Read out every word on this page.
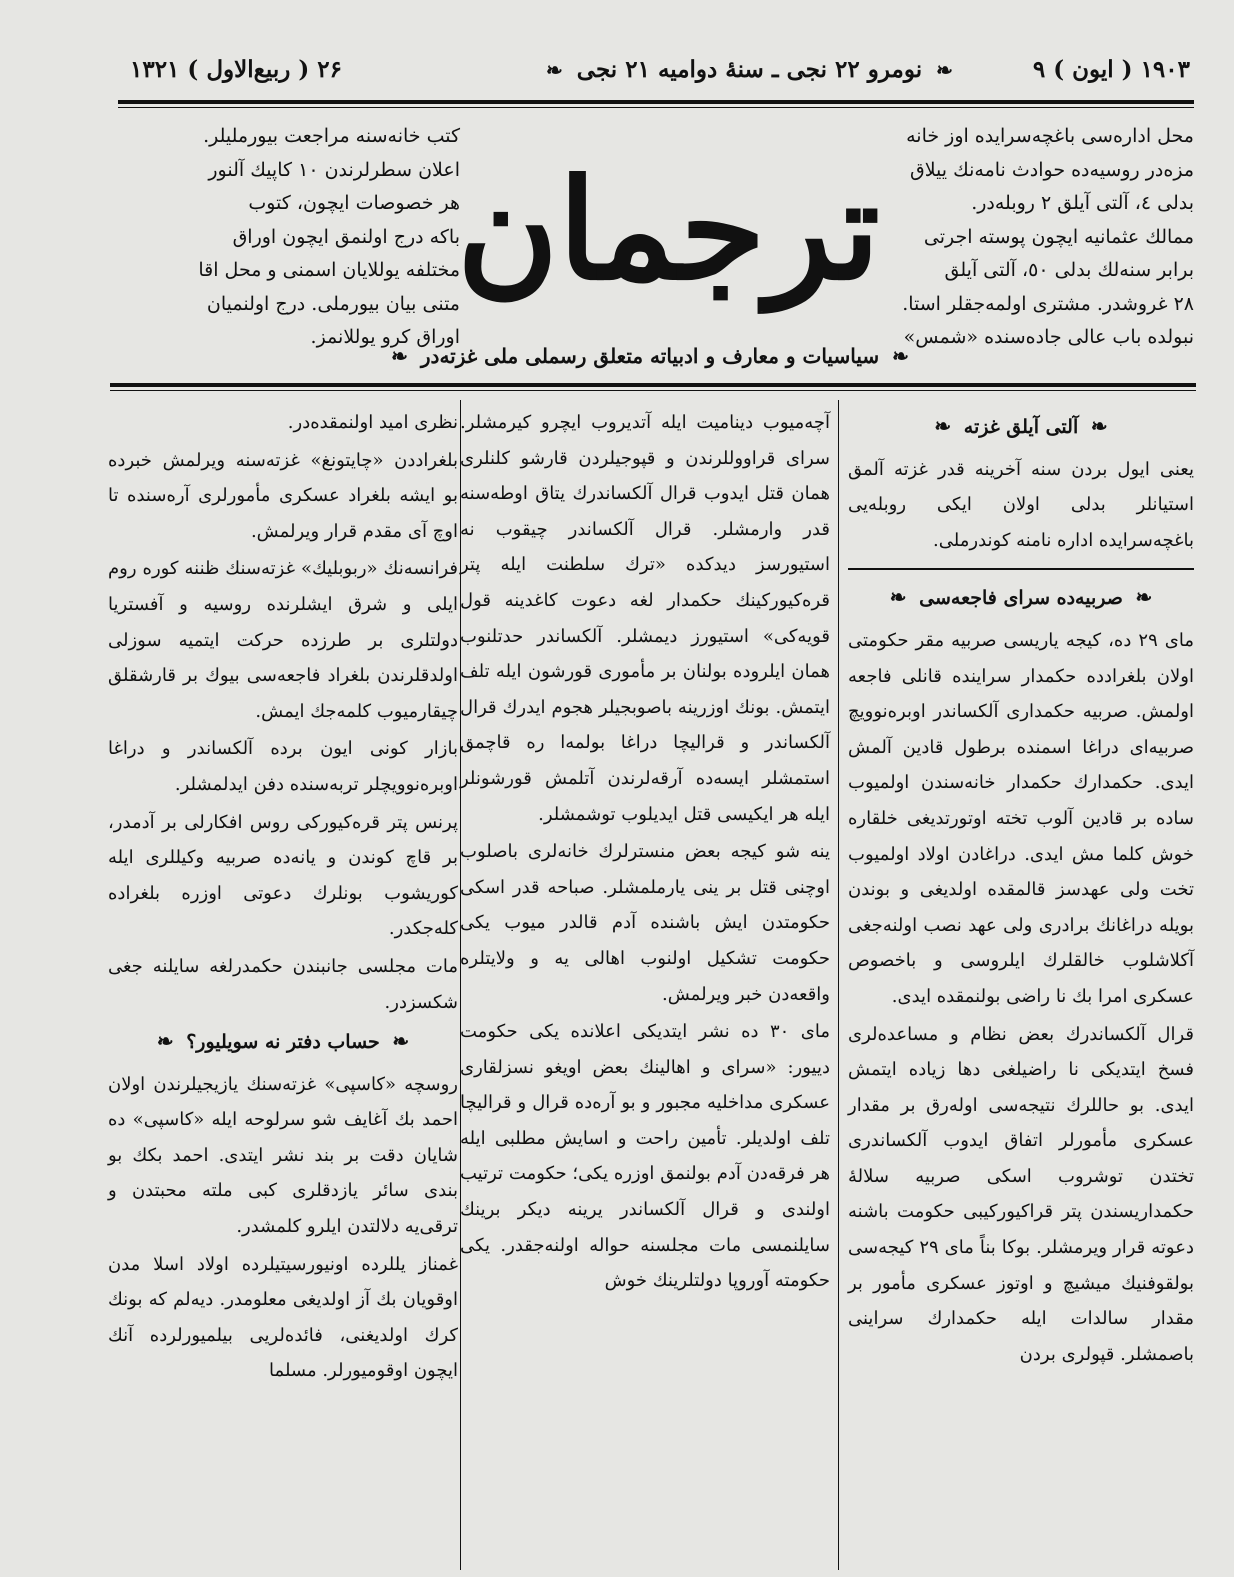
۱۹۰۳ ( ایون ) ۹
❧ نومرو ۲۲ نجی ـ سنهٔ دوامیه ۲۱ نجی ❧
۲۶ ( ربیع‌الاول ) ۱۳۲۱
محل اداره‌سی باغچه‌سرایده اوز خانه
مزه‌در روسیه‌ده حوادث نامه‌نك ییلاق
بدلی ٤، آلتی آیلق ۲ روبله‌در.
ممالك عثمانیه ایچون پوسته اجرتی
برابر سنه‌لك بدلی ٥٠، آلتی آیلق
۲۸ غروشدر. مشتری اولمه‌جقلر استا.
نبولده باب عالی جاده‌سنده «شمس»
ترجمان
کتب خانه‌سنه مراجعت بیورملیلر.
اعلان سطرلرندن ۱۰ کاپیك آلنور
هر خصوصات ایچون، کتوب
باکه درج اولنمق ایچون اوراق
مختلفه یوللایان اسمنی و محل اقا
متنی بیان بیورملی. درج اولنمیان
اوراق کرو یوللانمز.
❧ سیاسیات و معارف و ادبیاته متعلق رسملی ملی غزته‌در ❧
❧ آلتی آیلق غزته ❧

یعنی ایول بردن سنه آخرینه قدر غزته آلمق استیانلر بدلی اولان ایکی روبله‌یی باغچه‌سرایده اداره نامنه کوندرملی.

❧ صربیه‌ده سرای فاجعه‌سی ❧

مای ۲۹ ده، کیجه یاریسی صربیه مقر حکومتی اولان بلغرادده حکمدار سراینده قانلی فاجعه اولمش. صربیه حکمداری آلکساندر اوبره‌نوویچ صربیه‌ای دراغا اسمنده برطول قادین آلمش ایدی. حکمدارك حکمدار خانه‌سندن اولمیوب ساده بر قادین آلوب تخته اوتورتدیغی خلقاره خوش کلما مش ایدی. دراغادن اولاد اولمیوب تخت ولی عهدسز قالمقده اولدیغی و بوندن بویله دراغانك برادری ولی عهد نصب اولنه‌جغی آکلاشلوب خالقلرك ایلروسی و باخصوص عسکری امرا بك نا راضی بولنمقده ایدی.

قرال آلکساندرك بعض نظام و مساعده‌لری فسخ ایتدیکی نا راضیلغی دها زیاده ایتمش ایدی. بو حاللرك نتیجه‌سی اوله‌رق بر مقدار عسکری مأمورلر اتفاق ایدوب آلکساندری تختدن توشروب اسکی صربیه سلالهٔ حکمداریسندن پتر قراکیورکیبی حکومت باشنه دعوته قرار ویرمشلر. بوکا بناً مای ۲۹ کیجه‌سی بولقوفنیك میشیچ و اوتوز عسکری مأمور بر مقدار سالدات ایله حکمدارك سراینی باصمشلر. قپولری بردن

آچه‌میوب دینامیت ایله آتدیروب ایچرو کیرمشلر. سرای قراووللرندن و قپوجیلردن قارشو کلنلری همان قتل ایدوب قرال آلکساندرك یتاق اوطه‌سنه قدر وارمشلر. قرال آلکساندر چیقوب نه استیورسز دیدکده «ترك سلطنت ایله پتر قره‌کیورکینك حکمدار لغه دعوت کاغدینه قول قویه‌کی» استیورز دیمشلر. آلکساندر حدتلنوب همان ایلروده بولنان بر مأموری قورشون ایله تلف ایتمش. بونك اوزرینه باصوبجیلر هجوم ایدرك قرال آلکساندر و قرالیچا دراغا بولمه‌ا ره قاچمق استمشلر ایسه‌ده آرقه‌لرندن آتلمش قورشونلر ایله هر ایکیسی قتل ایدیلوب توشمشلر.

ینه شو کیجه بعض منسترلرك خانه‌لری باصلوب اوچنی قتل بر ینی یارملمشلر. صباحه قدر اسکی حکومتدن ایش باشنده آدم قالدر میوب یکی حکومت تشکیل اولنوب اهالی یه و ولایتلره واقعه‌دن خبر ویرلمش.

مای ۳۰ ده نشر ایتدیکی اعلانده یکی حکومت دییور: «سرای و اهالینك بعض اویغو نسزلقاری عسکری مداخلیه مجبور و بو آره‌ده قرال و قرالیچا تلف اولدیلر. تأمین راحت و اسایش مطلبی ایله هر فرقه‌دن آدم بولنمق اوزره یکی؛ حکومت ترتیب اولندی و قرال آلکساندر یرینه دیکر برینك سایلنمسی مات مجلسنه حواله اولنه‌جقدر. یکی حکومته آوروپا دولتلرینك خوش

نظری امید اولنمقده‌در.

بلغراددن «چایتونغ» غزته‌سنه ویرلمش خبرده بو ایشه بلغراد عسکری مأمورلری آره‌سنده تا اوچ آی مقدم قرار ویرلمش.

فرانسه‌نك «ربوبلیك» غزته‌سنك ظننه کوره روم ایلی و شرق ایشلرنده روسیه و آفستریا دولتلری بر طرزده حرکت ایتمیه سوزلی اولدقلرندن بلغراد فاجعه‌سی بیوك بر قارشقلق چیقارمیوب کلمه‌جك ایمش.

بازار کونی ایون برده آلکساندر و دراغا اوبره‌نوویچلر تربه‌سنده دفن ایدلمشلر.

پرنس پتر قره‌کیورکی روس افکارلی بر آدمدر، بر قاچ کوندن و یانه‌ده صربیه وکیللری ایله کوریشوب بونلرك دعوتی اوزره بلغراده کله‌جکدر.

مات مجلسی جانبندن حکمدرلغه سایلنه جغی شکسزدر.

❧ حساب دفتر نه سویلیور؟ ❧

روسچه «کاسپی» غزته‌سنك یازیجیلرندن اولان احمد بك آغایف شو سرلوحه ایله «کاسپی» ده شایان دقت بر بند نشر ایتدی. احمد بکك بو بندی سائر یازدقلری کبی ملته محبتدن و ترقی‌یه دلالتدن ایلرو کلمشدر.

غمناز یللرده اونیورسیتیلرده اولاد اسلا مدن اوقویان بك آز اولدیغی معلومدر. دیه‌لم که بونك کرك اولدیغنی، فائده‌لریی بیلمیورلرده آنك ایچون اوقومیورلر. مسلما
